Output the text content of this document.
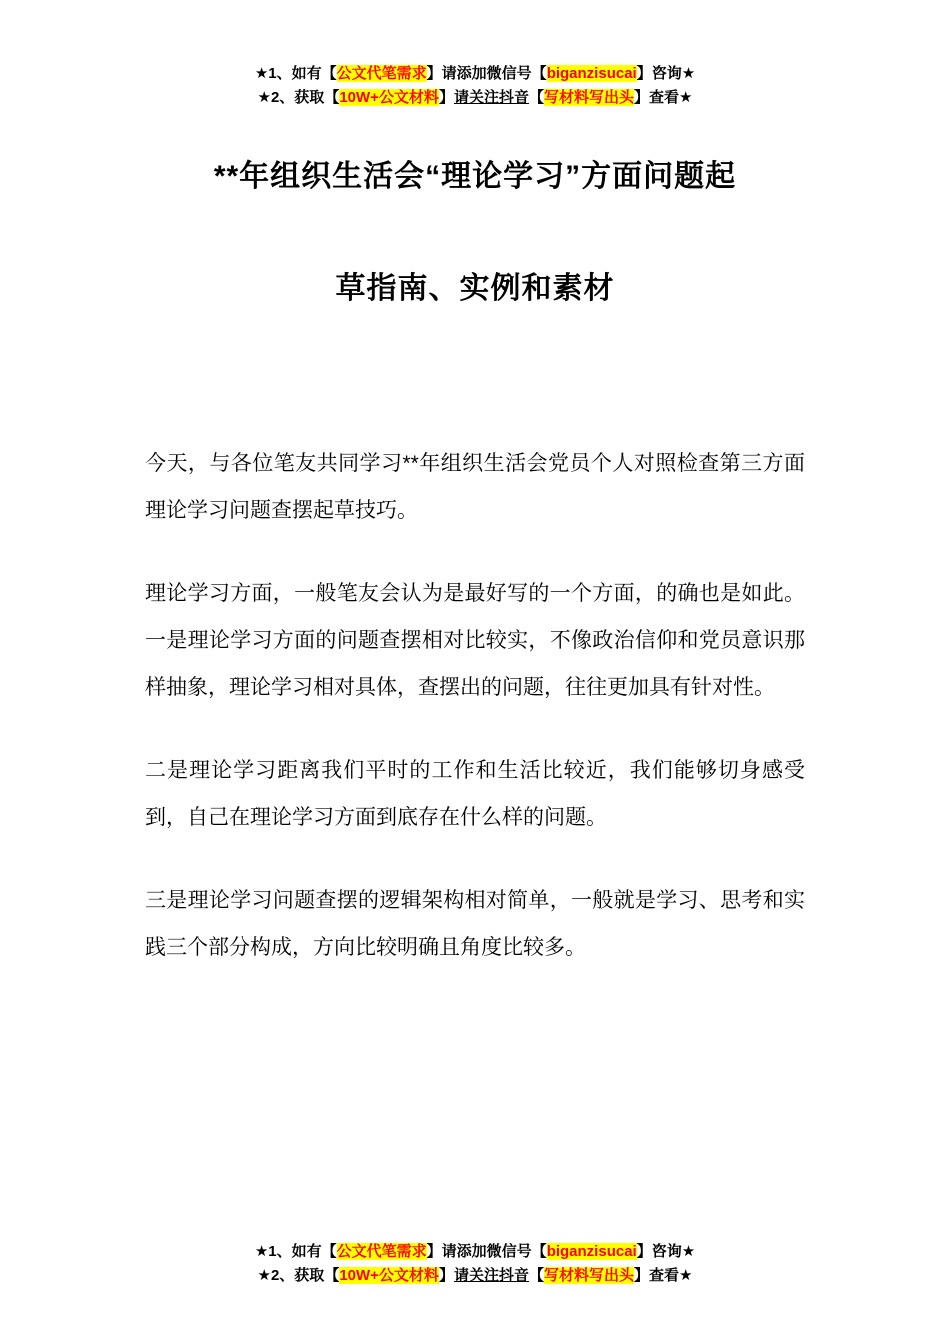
★1、如有【公文代笔需求】请添加微信号【biganzisucai】咨询★
★2、获取【10W+公文材料】请关注抖音【写材料写出头】查看★
**年组织生活会“理论学习”方面问题起
草指南、实例和素材

今天，与各位笔友共同学习**年组织生活会党员个人对照检查第三方面理论学习问题查摆起草技巧。

理论学习方面，一般笔友会认为是最好写的一个方面，的确也是如此。一是理论学习方面的问题查摆相对比较实，不像政治信仰和党员意识那样抽象，理论学习相对具体，查摆出的问题，往往更加具有针对性。

二是理论学习距离我们平时的工作和生活比较近，我们能够切身感受到，自己在理论学习方面到底存在什么样的问题。

三是理论学习问题查摆的逻辑架构相对简单，一般就是学习、思考和实践三个部分构成，方向比较明确且角度比较多。

★1、如有【公文代笔需求】请添加微信号【biganzisucai】咨询★
★2、获取【10W+公文材料】请关注抖音【写材料写出头】查看★
